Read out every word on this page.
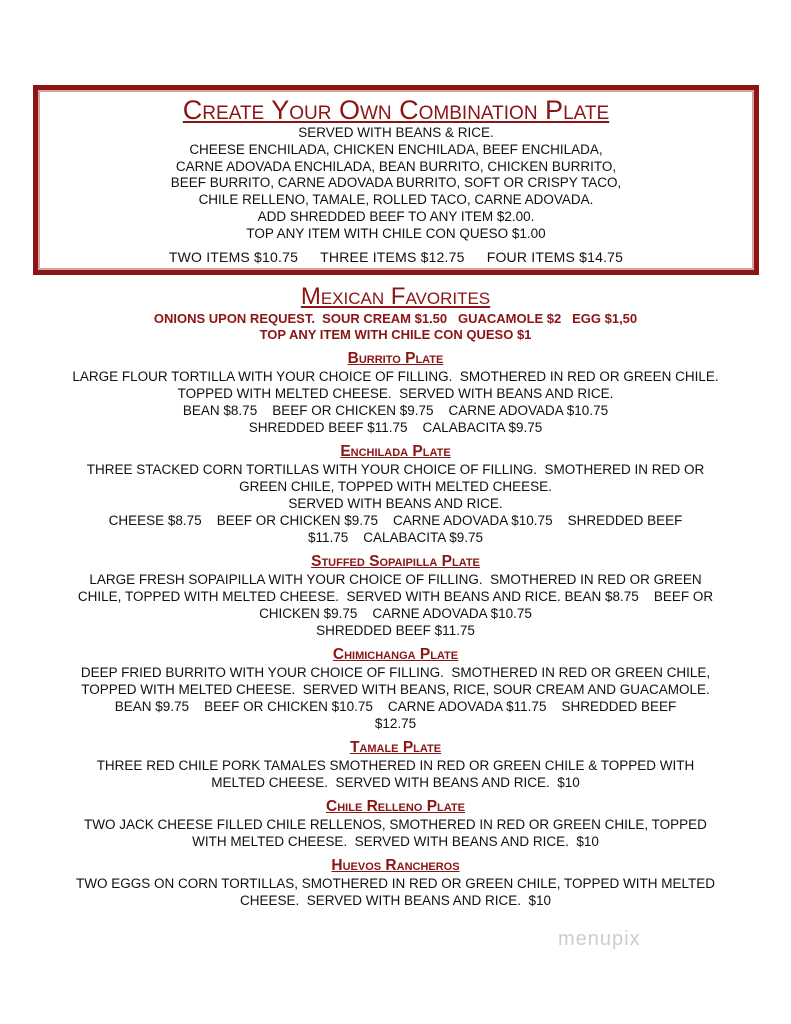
Create Your Own Combination Plate
SERVED WITH BEANS & RICE.
CHEESE ENCHILADA, CHICKEN ENCHILADA, BEEF ENCHILADA,
CARNE ADOVADA ENCHILADA, BEAN BURRITO, CHICKEN BURRITO,
BEEF BURRITO, CARNE ADOVADA BURRITO, SOFT OR CRISPY TACO,
CHILE RELLENO, TAMALE, ROLLED TACO, CARNE ADOVADA.
ADD SHREDDED BEEF TO ANY ITEM $2.00.
TOP ANY ITEM WITH CHILE CON QUESO $1.00
TWO ITEMS $10.75 THREE ITEMS $12.75 FOUR ITEMS $14.75
Mexican Favorites
ONIONS UPON REQUEST.  SOUR CREAM $1.50   GUACAMOLE $2   EGG $1,50
TOP ANY ITEM WITH CHILE CON QUESO $1
Burrito Plate
LARGE FLOUR TORTILLA WITH YOUR CHOICE OF FILLING.  SMOTHERED IN RED OR GREEN CHILE.
TOPPED WITH MELTED CHEESE.  SERVED WITH BEANS AND RICE.
BEAN $8.75    BEEF OR CHICKEN $9.75    CARNE ADOVADA $10.75
SHREDDED BEEF $11.75    CALABACITA $9.75
Enchilada Plate
THREE STACKED CORN TORTILLAS WITH YOUR CHOICE OF FILLING.  SMOTHERED IN RED OR
GREEN CHILE, TOPPED WITH MELTED CHEESE.
SERVED WITH BEANS AND RICE.
CHEESE $8.75    BEEF OR CHICKEN $9.75    CARNE ADOVADA $10.75    SHREDDED BEEF
$11.75    CALABACITA $9.75
Stuffed Sopaipilla Plate
LARGE FRESH SOPAIPILLA WITH YOUR CHOICE OF FILLING.  SMOTHERED IN RED OR GREEN
CHILE, TOPPED WITH MELTED CHEESE.  SERVED WITH BEANS AND RICE. BEAN $8.75    BEEF OR
CHICKEN $9.75    CARNE ADOVADA $10.75
SHREDDED BEEF $11.75
Chimichanga Plate
DEEP FRIED BURRITO WITH YOUR CHOICE OF FILLING.  SMOTHERED IN RED OR GREEN CHILE,
TOPPED WITH MELTED CHEESE.  SERVED WITH BEANS, RICE, SOUR CREAM AND GUACAMOLE.
BEAN $9.75    BEEF OR CHICKEN $10.75    CARNE ADOVADA $11.75    SHREDDED BEEF
$12.75
Tamale Plate
THREE RED CHILE PORK TAMALES SMOTHERED IN RED OR GREEN CHILE & TOPPED WITH
MELTED CHEESE.  SERVED WITH BEANS AND RICE.  $10
Chile Relleno Plate
TWO JACK CHEESE FILLED CHILE RELLENOS, SMOTHERED IN RED OR GREEN CHILE, TOPPED
WITH MELTED CHEESE.  SERVED WITH BEANS AND RICE.  $10
Huevos Rancheros
TWO EGGS ON CORN TORTILLAS, SMOTHERED IN RED OR GREEN CHILE, TOPPED WITH MELTED
CHEESE.  SERVED WITH BEANS AND RICE.  $10
menupix
